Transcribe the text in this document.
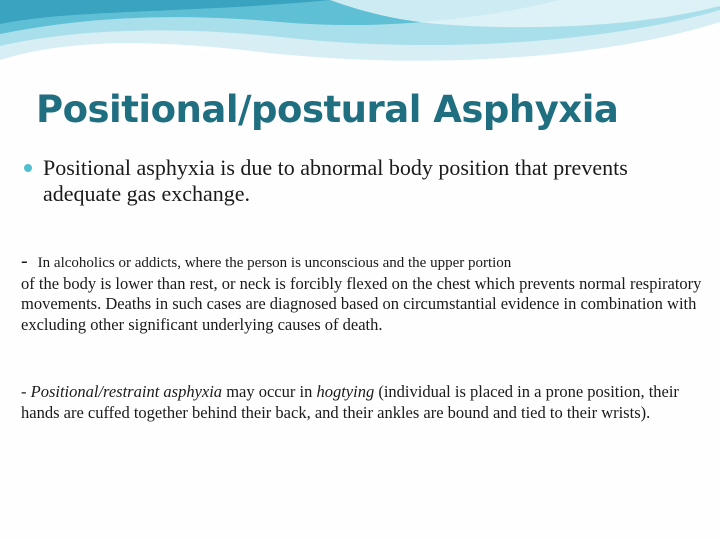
Positional/postural Asphyxia
Positional asphyxia is due to abnormal body position that prevents adequate gas exchange.
- In alcoholics or addicts, where the person is unconscious and the upper portion
of the body is lower than rest, or neck is forcibly flexed on the chest which prevents normal respiratory movements. Deaths in such cases are diagnosed based on circumstantial evidence in combination with excluding other significant underlying causes of death.
- Positional/restraint asphyxia may occur in hogtying (individual is placed in a prone position, their hands are cuffed together behind their back, and their ankles are bound and tied to their wrists).
